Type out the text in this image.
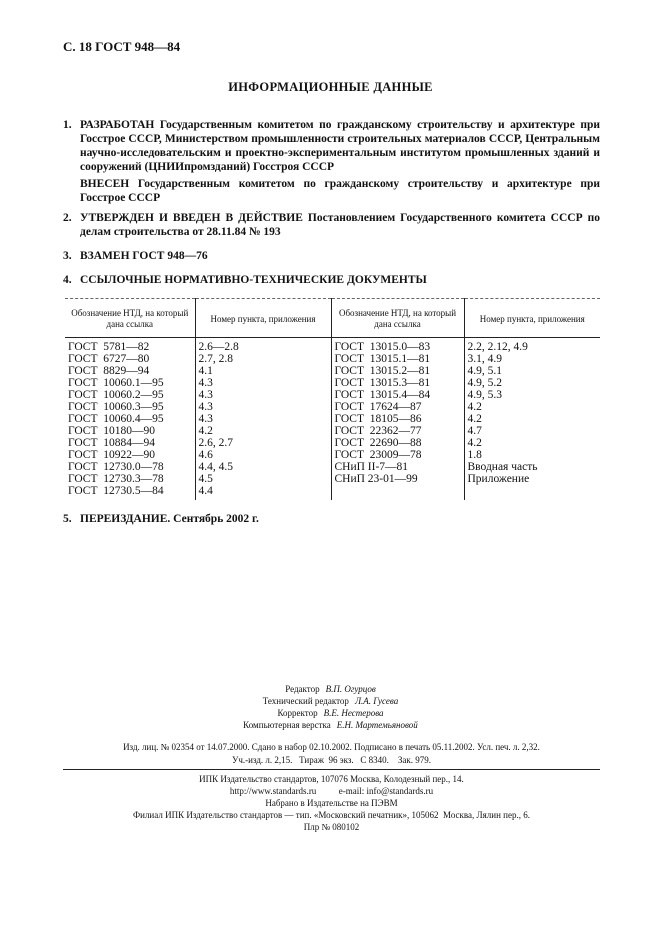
С. 18 ГОСТ 948—84
ИНФОРМАЦИОННЫЕ ДАННЫЕ
1. РАЗРАБОТАН Государственным комитетом по гражданскому строительству и архитектуре при Госстрое СССР, Министерством промышленности строительных материалов СССР, Центральным научно-исследовательским и проектно-экспериментальным институтом промышленных зданий и сооружений (ЦНИИпромзданий) Госстроя СССР
ВНЕСЕН Государственным комитетом по гражданскому строительству и архитектуре при Госстрое СССР
2. УТВЕРЖДЕН И ВВЕДЕН В ДЕЙСТВИЕ Постановлением Государственного комитета СССР по делам строительства от 28.11.84 № 193
3. ВЗАМЕН ГОСТ 948—76
4. ССЫЛОЧНЫЕ НОРМАТИВНО-ТЕХНИЧЕСКИЕ ДОКУМЕНТЫ
Обозначение НТД, на который дана ссылка	Номер пункта, приложения	Обозначение НТД, на который дана ссылка	Номер пункта, приложения
ГОСТ  5781—82	2.6—2.8	ГОСТ  13015.0—83	2.2, 2.12, 4.9
ГОСТ  6727—80	2.7, 2.8	ГОСТ  13015.1—81	3.1, 4.9
ГОСТ  8829—94	4.1	ГОСТ  13015.2—81	4.9, 5.1
ГОСТ  10060.1—95	4.3	ГОСТ  13015.3—81	4.9, 5.2
ГОСТ  10060.2—95	4.3	ГОСТ  13015.4—84	4.9, 5.3
ГОСТ  10060.3—95	4.3	ГОСТ  17624—87	4.2
ГОСТ  10060.4—95	4.3	ГОСТ  18105—86	4.2
ГОСТ  10180—90	4.2	ГОСТ  22362—77	4.7
ГОСТ  10884—94	2.6, 2.7	ГОСТ  22690—88	4.2
ГОСТ  10922—90	4.6	ГОСТ  23009—78	1.8
ГОСТ  12730.0—78	4.4, 4.5	СНиП II-7—81	Вводная часть
ГОСТ  12730.3—78	4.5	СНиП 23-01—99	Приложение
ГОСТ  12730.5—84	4.4		
5. ПЕРЕИЗДАНИЕ. Сентябрь 2002 г.
Редактор В.П. Огурцов
Технический редактор Л.А. Гусева
Корректор В.Е. Нестерова
Компьютерная верстка Е.Н. Мартемьяновой
Изд. лиц. № 02354 от 14.07.2000. Сдано в набор 02.10.2002. Подписано в печать 05.11.2002. Усл. печ. л. 2,32.
Уч.-изд. л. 2,15.   Тираж  96 экз.   С 8340.    Зак. 979.
ИПК Издательство стандартов, 107076 Москва, Колодезный пер., 14.
http://www.standards.ru          e-mail: info@standards.ru
Набрано в Издательстве на ПЭВМ
Филиал ИПК Издательство стандартов — тип. «Московский печатник», 105062  Москва, Лялин пер., 6.
Плр № 080102
